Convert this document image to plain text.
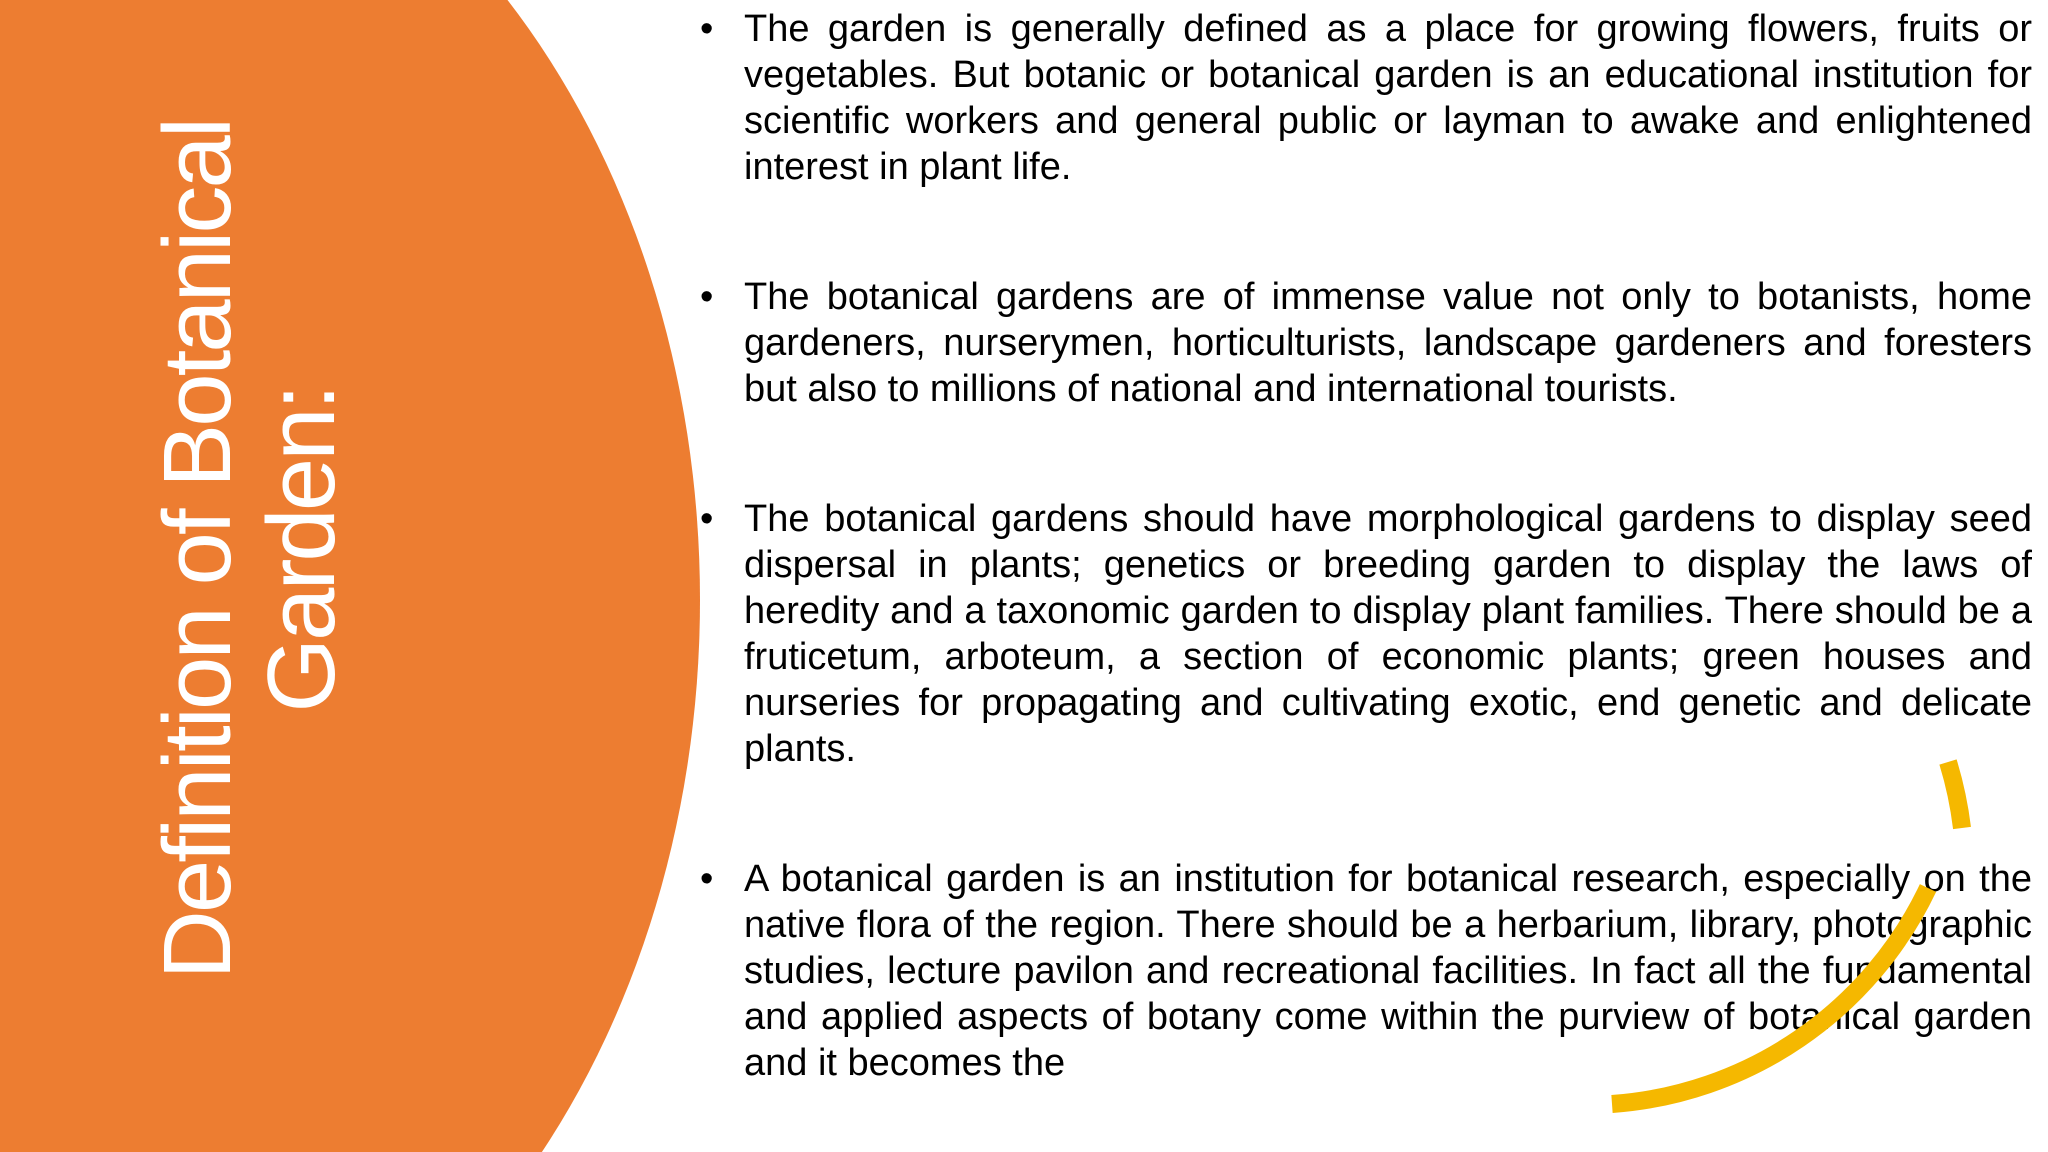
Definition of Botanical
Garden:
• The garden is generally defined as a place for growing flowers, fruits or vegetables. But botanic or botanical garden is an educational institution for scientific workers and general public or layman to awake and enlightened interest in plant life.
• The botanical gardens are of immense value not only to botanists, home gardeners, nurserymen, horticulturists, landscape gardeners and foresters but also to millions of national and international tourists.
• The botanical gardens should have morphological gardens to display seed dispersal in plants; genetics or breeding garden to display the laws of heredity and a taxonomic garden to display plant families. There should be a fruticetum, arboteum, a section of economic plants; green houses and nurseries for propagating and cultivating exotic, end genetic and delicate plants.
• A botanical garden is an institution for botanical research, especially on the native flora of the region. There should be a herbarium, library, photographic studies, lecture pavilon and recreational facilities. In fact all the fundamental and applied aspects of botany come within the purview of botanical garden and it becomes the
